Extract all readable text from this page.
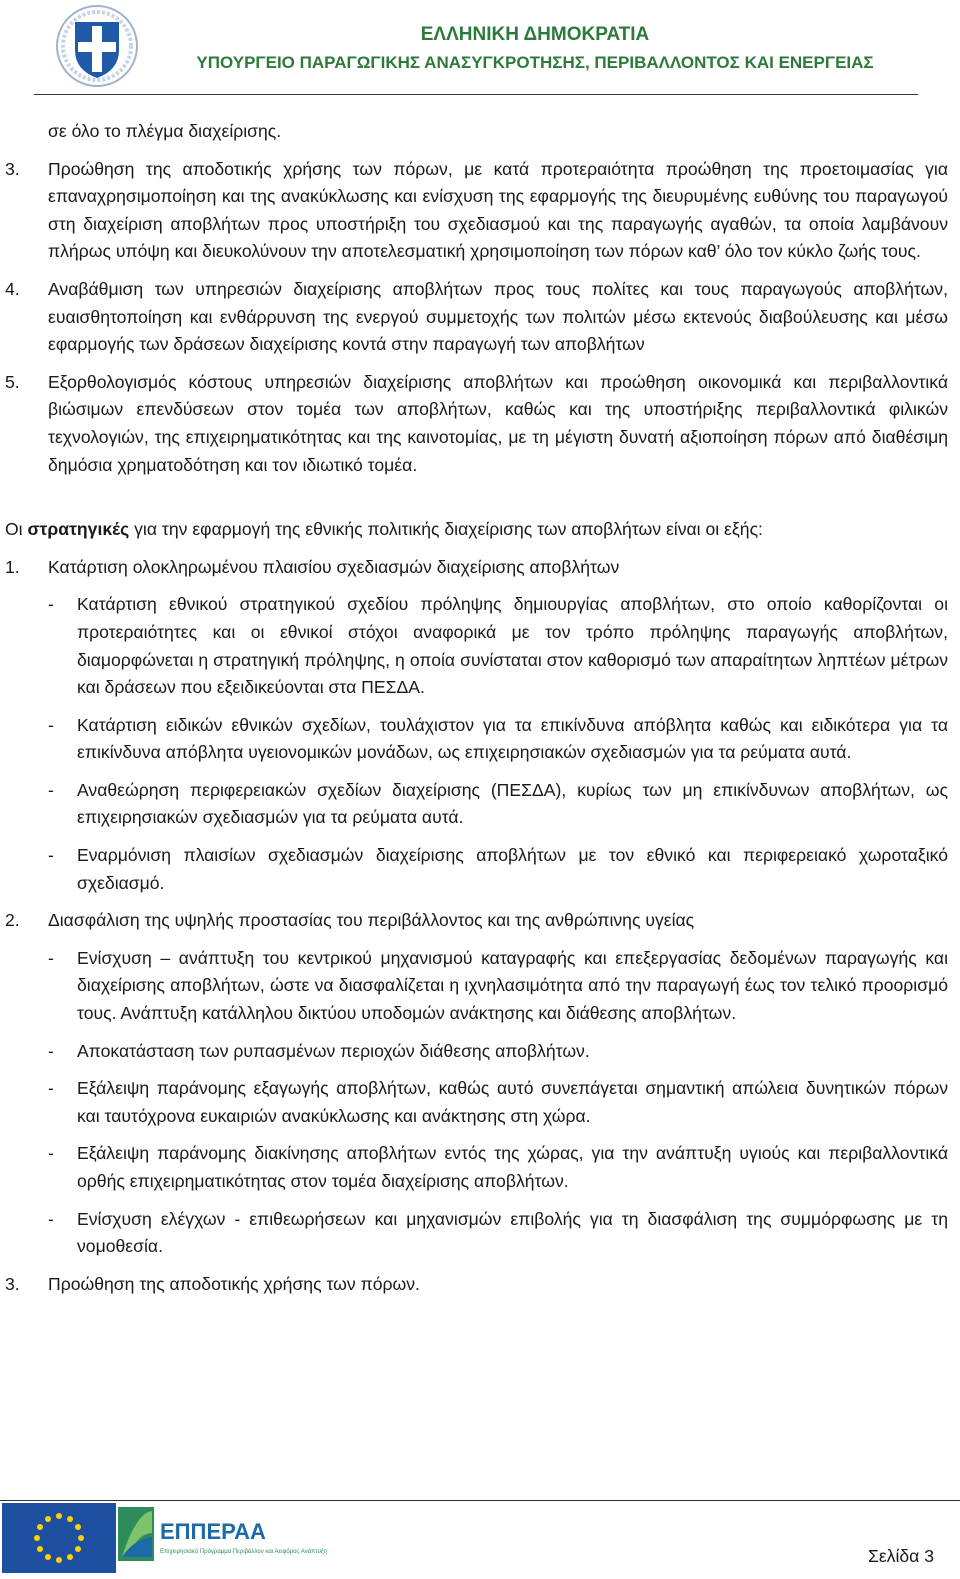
ΕΛΛΗΝΙΚΗ ΔΗΜΟΚΡΑΤΙΑ
ΥΠΟΥΡΓΕΙΟ ΠΑΡΑΓΩΓΙΚΗΣ ΑΝΑΣΥΓΚΡΟΤΗΣΗΣ, ΠΕΡΙΒΑΛΛΟΝΤΟΣ ΚΑΙ ΕΝΕΡΓΕΙΑΣ
σε όλο το πλέγμα διαχείρισης.
3. Προώθηση της αποδοτικής χρήσης των πόρων, με κατά προτεραιότητα προώθηση της προετοιμασίας για επαναχρησιμοποίηση και της ανακύκλωσης και ενίσχυση της εφαρμογής της διευρυμένης ευθύνης του παραγωγού στη διαχείριση αποβλήτων προς υποστήριξη του σχεδιασμού και της παραγωγής αγαθών, τα οποία λαμβάνουν πλήρως υπόψη και διευκολύνουν την αποτελεσματική χρησιμοποίηση των πόρων καθ’ όλο τον κύκλο ζωής τους.
4. Αναβάθμιση των υπηρεσιών διαχείρισης αποβλήτων προς τους πολίτες και τους παραγωγούς αποβλήτων, ευαισθητοποίηση και ενθάρρυνση της ενεργού συμμετοχής των πολιτών μέσω εκτενούς διαβούλευσης και μέσω εφαρμογής των δράσεων διαχείρισης κοντά στην παραγωγή των αποβλήτων
5. Εξορθολογισμός κόστους υπηρεσιών διαχείρισης αποβλήτων και προώθηση οικονομικά και περιβαλλοντικά βιώσιμων επενδύσεων στον τομέα των αποβλήτων, καθώς και της υποστήριξης περιβαλλοντικά φιλικών τεχνολογιών, της επιχειρηματικότητας και της καινοτομίας, με τη μέγιστη δυνατή αξιοποίηση πόρων από διαθέσιμη δημόσια χρηματοδότηση και τον ιδιωτικό τομέα.
Οι στρατηγικές για την εφαρμογή της εθνικής πολιτικής διαχείρισης των αποβλήτων είναι οι εξής:
1. Κατάρτιση ολοκληρωμένου πλαισίου σχεδιασμών διαχείρισης αποβλήτων
- Κατάρτιση εθνικού στρατηγικού σχεδίου πρόληψης δημιουργίας αποβλήτων, στο οποίο καθορίζονται οι προτεραιότητες και οι εθνικοί στόχοι αναφορικά με τον τρόπο πρόληψης παραγωγής αποβλήτων, διαμορφώνεται η στρατηγική πρόληψης, η οποία συνίσταται στον καθορισμό των απαραίτητων ληπτέων μέτρων και δράσεων που εξειδικεύονται στα ΠΕΣΔΑ.
- Κατάρτιση ειδικών εθνικών σχεδίων, τουλάχιστον για τα επικίνδυνα απόβλητα καθώς και ειδικότερα για τα επικίνδυνα απόβλητα υγειονομικών μονάδων, ως επιχειρησιακών σχεδιασμών για τα ρεύματα αυτά.
- Αναθεώρηση περιφερειακών σχεδίων διαχείρισης (ΠΕΣΔΑ), κυρίως των μη επικίνδυνων αποβλήτων, ως επιχειρησιακών σχεδιασμών για τα ρεύματα αυτά.
- Εναρμόνιση πλαισίων σχεδιασμών διαχείρισης αποβλήτων με τον εθνικό και περιφερειακό χωροταξικό σχεδιασμό.
2. Διασφάλιση της υψηλής προστασίας του περιβάλλοντος και της ανθρώπινης υγείας
- Ενίσχυση – ανάπτυξη του κεντρικού μηχανισμού καταγραφής και επεξεργασίας δεδομένων παραγωγής και διαχείρισης αποβλήτων, ώστε να διασφαλίζεται η ιχνηλασιμότητα από την παραγωγή έως τον τελικό προορισμό τους. Ανάπτυξη κατάλληλου δικτύου υποδομών ανάκτησης και διάθεσης αποβλήτων.
- Αποκατάσταση των ρυπασμένων περιοχών διάθεσης αποβλήτων.
- Εξάλειψη παράνομης εξαγωγής αποβλήτων, καθώς αυτό συνεπάγεται σημαντική απώλεια δυνητικών πόρων και ταυτόχρονα ευκαιριών ανακύκλωσης και ανάκτησης στη χώρα.
- Εξάλειψη παράνομης διακίνησης αποβλήτων εντός της χώρας, για την ανάπτυξη υγιούς και περιβαλλοντικά ορθής επιχειρηματικότητας στον τομέα διαχείρισης αποβλήτων.
- Ενίσχυση ελέγχων - επιθεωρήσεων και μηχανισμών επιβολής για τη διασφάλιση της συμμόρφωσης με τη νομοθεσία.
3. Προώθηση της αποδοτικής χρήσης των πόρων.
ΕΠΠΕΡΑΑ
Επιχειρησιακό Πρόγραμμα Περιβάλλον και Αειφόρος Ανάπτυξη	Σελίδα 3
